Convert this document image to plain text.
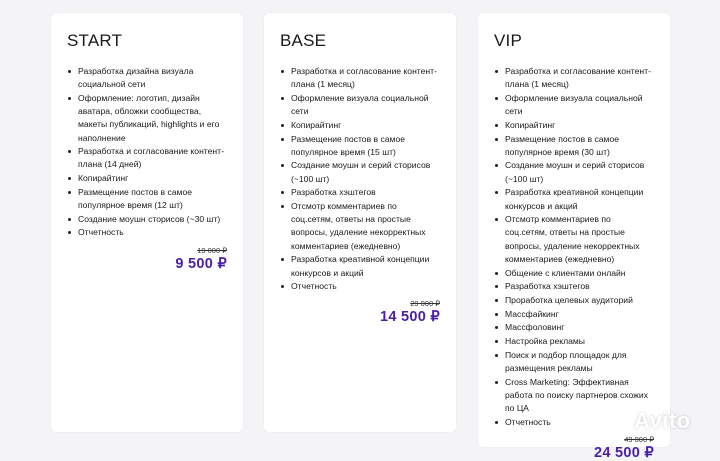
START
Разработка дизайна визуала социальной сети
Оформление: логотип, дизайн аватара, обложки сообщества, макеты публикаций, highlights и его наполнение
Разработка и согласование контент-плана (14 дней)
Копирайтинг
Размещение постов в самое популярное время (12 шт)
Создание моушн сторисов (~30 шт)
Отчетность
19 000 ₽
9 500 ₽
BASE
Разработка и согласование контент-плана (1 месяц)
Оформление визуала социальной сети
Копирайтинг
Размещение постов в самое популярное время (15 шт)
Создание моушн и серий сторисов (~100 шт)
Разработка хэштегов
Отсмотр комментариев по соц.сетям, ответы на простые вопросы, удаление некорректных комментариев (ежедневно)
Разработка креативной концепции конкурсов и акций
Отчетность
29 000 ₽
14 500 ₽
VIP
Разработка и согласование контент-плана (1 месяц)
Оформление визуала социальной сети
Копирайтинг
Размещение постов в самое популярное время (30 шт)
Создание моушн и серий сторисов (~100 шт)
Разработка креативной концепции конкурсов и акций
Отсмотр комментариев по соц.сетям, ответы на простые вопросы, удаление некорректных комментариев (ежедневно)
Общение с клиентами онлайн
Разработка хэштегов
Проработка целевых аудиторий
Массфайкинг
Массфоловинг
Настройка рекламы
Поиск и подбор площадок для размещения рекламы
Cross Marketing: Эффективная работа по поиску партнеров схожих по ЦА
Отчетность
49 000 ₽
24 500 ₽
Avito
